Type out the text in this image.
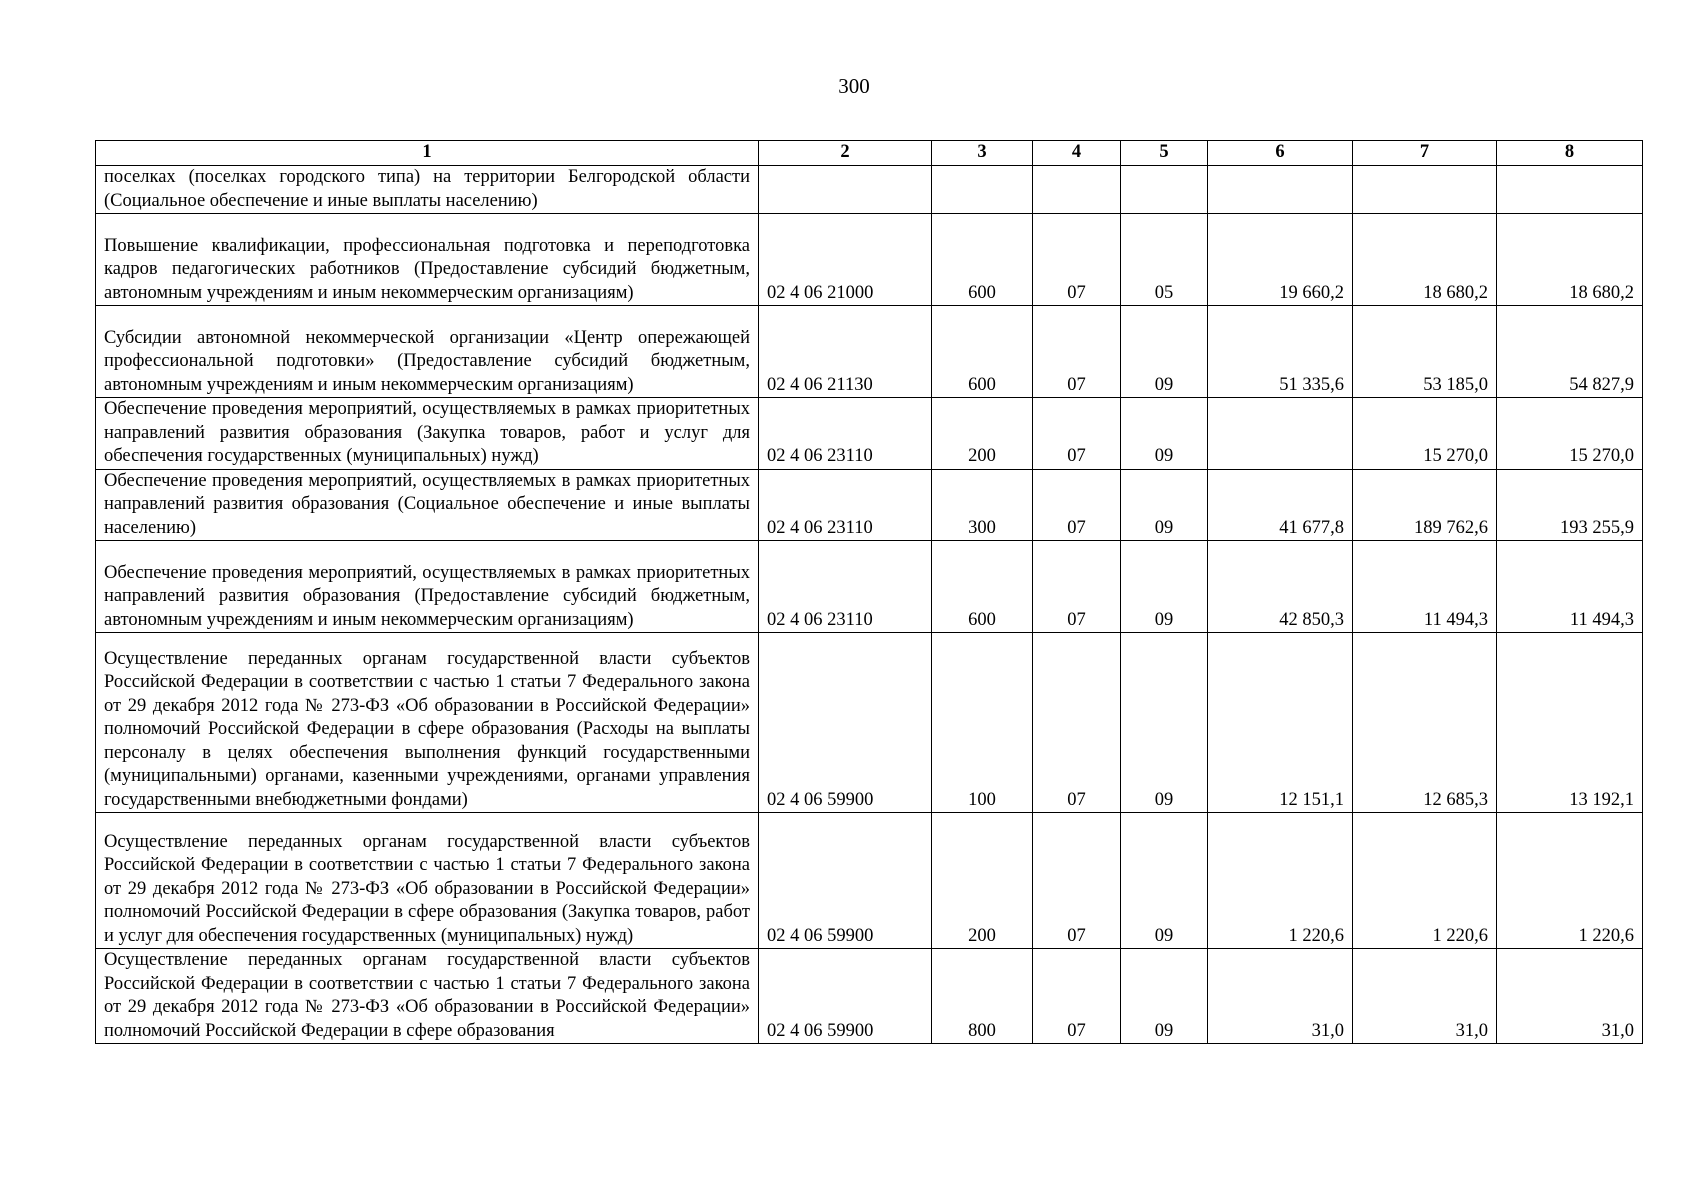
300
1	2	3	4	5	6	7	8
поселках (поселках городского типа) на территории Белгородской области (Социальное обеспечение и иные выплаты населению)							
Повышение квалификации, профессиональная подготовка и переподготовка кадров педагогических работников (Предоставление субсидий бюджетным, автономным учреждениям и иным некоммерческим организациям)	02 4 06 21000	600	07	05	19 660,2	18 680,2	18 680,2
Субсидии автономной некоммерческой организации «Центр опережающей профессиональной подготовки» (Предоставление субсидий бюджетным, автономным учреждениям и иным некоммерческим организациям)	02 4 06 21130	600	07	09	51 335,6	53 185,0	54 827,9
Обеспечение проведения мероприятий, осуществляемых в рамках приоритетных направлений развития образования (Закупка товаров, работ и услуг для обеспечения государственных (муниципальных) нужд)	02 4 06 23110	200	07	09		15 270,0	15 270,0
Обеспечение проведения мероприятий, осуществляемых в рамках приоритетных направлений развития образования (Социальное обеспечение и иные выплаты населению)	02 4 06 23110	300	07	09	41 677,8	189 762,6	193 255,9
Обеспечение проведения мероприятий, осуществляемых в рамках приоритетных направлений развития образования (Предоставление субсидий бюджетным, автономным учреждениям и иным некоммерческим организациям)	02 4 06 23110	600	07	09	42 850,3	11 494,3	11 494,3
Осуществление переданных органам государственной власти субъектов Российской Федерации в соответствии с частью 1 статьи 7 Федерального закона от 29 декабря 2012 года № 273-ФЗ «Об образовании в Российской Федерации» полномочий Российской Федерации в сфере образования (Расходы на выплаты персоналу в целях обеспечения выполнения функций государственными (муниципальными) органами, казенными учреждениями, органами управления государственными внебюджетными фондами)	02 4 06 59900	100	07	09	12 151,1	12 685,3	13 192,1
Осуществление переданных органам государственной власти субъектов Российской Федерации в соответствии с частью 1 статьи 7 Федерального закона от 29 декабря 2012 года № 273-ФЗ «Об образовании в Российской Федерации» полномочий Российской Федерации в сфере образования (Закупка товаров, работ и услуг для обеспечения государственных (муниципальных) нужд)	02 4 06 59900	200	07	09	1 220,6	1 220,6	1 220,6
Осуществление переданных органам государственной власти субъектов Российской Федерации в соответствии с частью 1 статьи 7 Федерального закона от 29 декабря 2012 года № 273-ФЗ «Об образовании в Российской Федерации» полномочий Российской Федерации в сфере образования	02 4 06 59900	800	07	09	31,0	31,0	31,0
